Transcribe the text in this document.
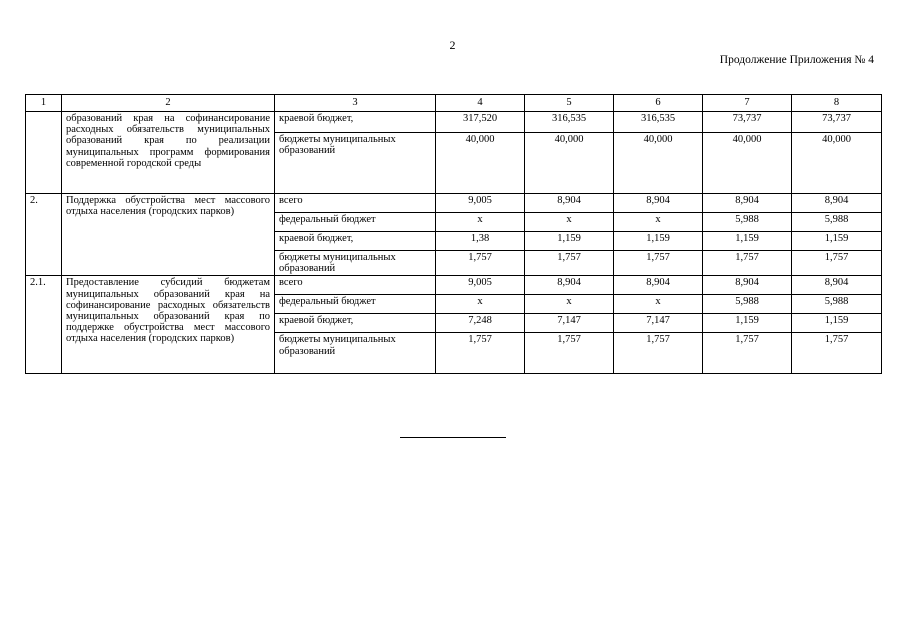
2
Продолжение Приложения № 4
1	2	3	4	5	6	7	8
	образований края на софинансирование расходных обязательств муниципальных образований края по реализации муниципальных программ формирования современной городской среды	краевой бюджет,	317,520	316,535	316,535	73,737	73,737
		бюджеты муниципальных образований	40,000	40,000	40,000	40,000	40,000
2.	Поддержка обустройства мест массового отдыха населения (городских парков)	всего	9,005	8,904	8,904	8,904	8,904
		федеральный бюджет	x	x	x	5,988	5,988
		краевой бюджет,	1,38	1,159	1,159	1,159	1,159
		бюджеты муниципальных образований	1,757	1,757	1,757	1,757	1,757
2.1.	Предоставление субсидий бюджетам муниципальных образований края на софинансирование расходных обязательств муниципальных образований края по поддержке обустройства мест массового отдыха населения (городских парков)	всего	9,005	8,904	8,904	8,904	8,904
		федеральный бюджет	x	x	x	5,988	5,988
		краевой бюджет,	7,248	7,147	7,147	1,159	1,159
		бюджеты муниципальных образований	1,757	1,757	1,757	1,757	1,757
